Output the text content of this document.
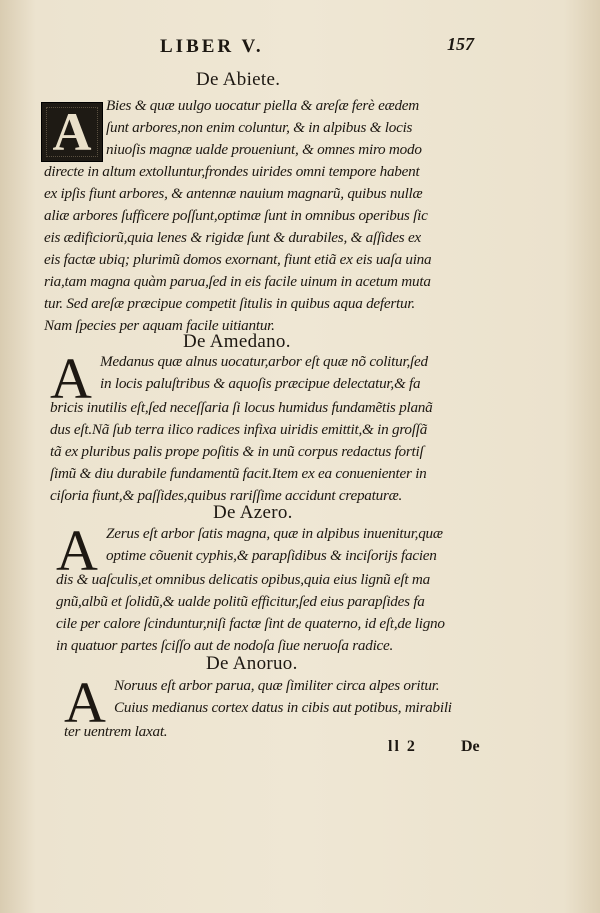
LIBER V.	157
De Abiete.
A Bies & quæ uulgo uocatur piella & areſæ ferè eædem
ſunt arbores,non enim coluntur, & in alpibus & locis
niuoſis magnæ ualde proueniunt, & omnes miro modo
directe in altum extolluntur,frondes uirides omni tempore habent
ex ipſis fiunt arbores, & antennæ nauium magnarũ, quibus nullæ
aliæ arbores ſufficere poſſunt,optimæ ſunt in omnibus operibus ſic
eis ædificiorũ,quia lenes & rigidæ ſunt & durabiles, & aſſides ex
eis factæ ubiq; plurimũ domos exornant, fiunt etiã ex eis uaſa uina
ria,tam magna quàm parua,ſed in eis facile uinum in acetum muta
tur. Sed areſæ præcipue competit ſitulis in quibus aqua defertur.
Nam ſpecies per aquam facile uitiantur.
De Amedano.
A Medanus quæ alnus uocatur,arbor eſt quæ nõ colitur,ſed
in locis paluſtribus & aquoſis præcipue delectatur,& fa
bricis inutilis eſt,ſed neceſſaria ſi locus humidus fundamẽtis planã
dus eſt.Nã ſub terra ilico radices infixa uiridis emittit,& in groſſã
tã ex pluribus palis prope poſitis & in unũ corpus redactus fortiſ
ſimũ & diu durabile fundamentũ facit.Item ex ea conuenienter in
ciſoria fiunt,& paſſides,quibus rariſſime accidunt crepaturæ.
De Azero.
A Zerus eſt arbor ſatis magna, quæ in alpibus inuenitur,quæ
optime cõuenit cyphis,& parapſidibus & inciſorijs facien
dis & uaſculis,et omnibus delicatis opibus,quia eius lignũ eſt ma
gnũ,albũ et ſolidũ,& ualde politũ efficitur,ſed eius parapſides fa
cile per calore ſcinduntur,niſi factæ ſint de quaterno, id eſt,de ligno
in quatuor partes ſciſſo aut de nodoſa ſiue neruoſa radice.
De Anoruo.
A Noruus eſt arbor parua, quæ ſimiliter circa alpes oritur.
Cuius medianus cortex datus in cibis aut potibus, mirabili
ter uentrem laxat.
ll 2	De
